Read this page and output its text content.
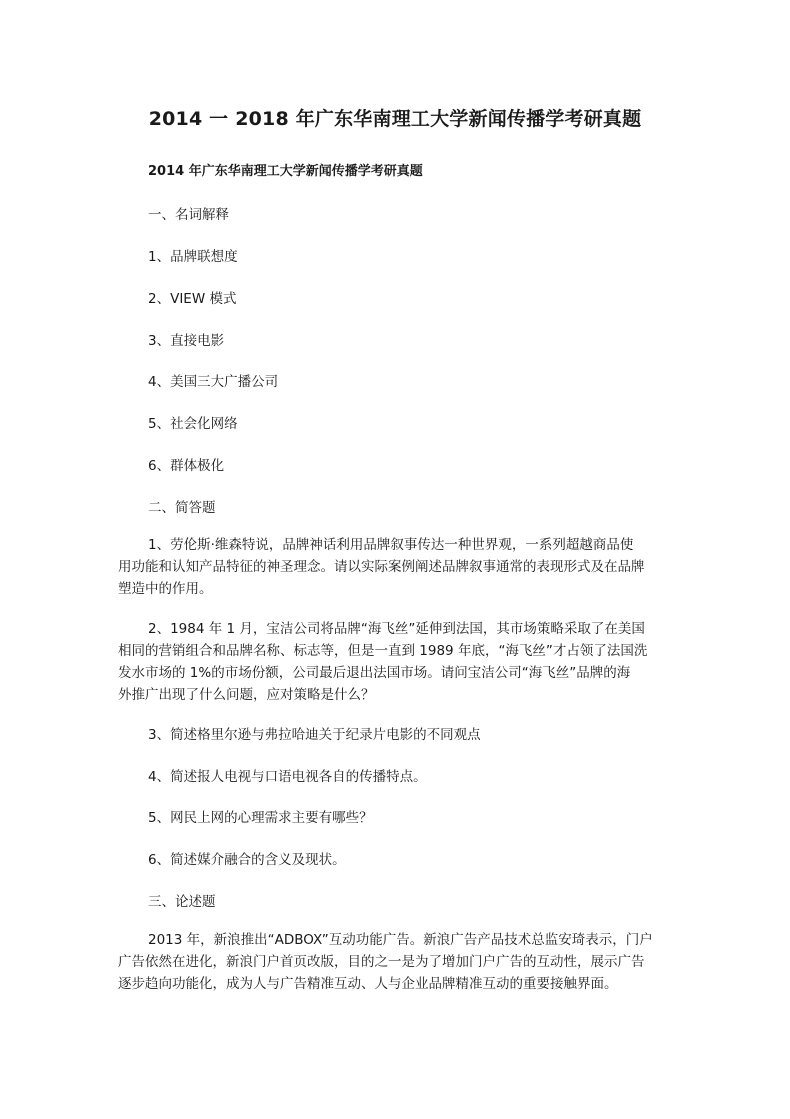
2014 一 2018 年广东华南理工大学新闻传播学考研真题
2014 年广东华南理工大学新闻传播学考研真题
一、名词解释
1、品牌联想度
2、VIEW 模式
3、直接电影
4、美国三大广播公司
5、社会化网络
6、群体极化
二、简答题
1、劳伦斯·维森特说，品牌神话利用品牌叙事传达一种世界观，一系列超越商品使
用功能和认知产品特征的神圣理念。请以实际案例阐述品牌叙事通常的表现形式及在品牌
塑造中的作用。
2、1984 年 1 月，宝洁公司将品牌“海飞丝”延伸到法国，其市场策略采取了在美国
相同的营销组合和品牌名称、标志等，但是一直到 1989 年底，“海飞丝”才占领了法国洗
发水市场的 1%的市场份额，公司最后退出法国市场。请问宝洁公司“海飞丝”品牌的海
外推广出现了什么问题，应对策略是什么？
3、简述格里尔逊与弗拉哈迪关于纪录片电影的不同观点
4、简述报人电视与口语电视各自的传播特点。
5、网民上网的心理需求主要有哪些？
6、简述媒介融合的含义及现状。
三、论述题
2013 年，新浪推出“ADBOX”互动功能广告。新浪广告产品技术总监安琦表示，门户
广告依然在进化，新浪门户首页改版，目的之一是为了增加门户广告的互动性，展示广告
逐步趋向功能化，成为人与广告精准互动、人与企业品牌精准互动的重要接触界面。
